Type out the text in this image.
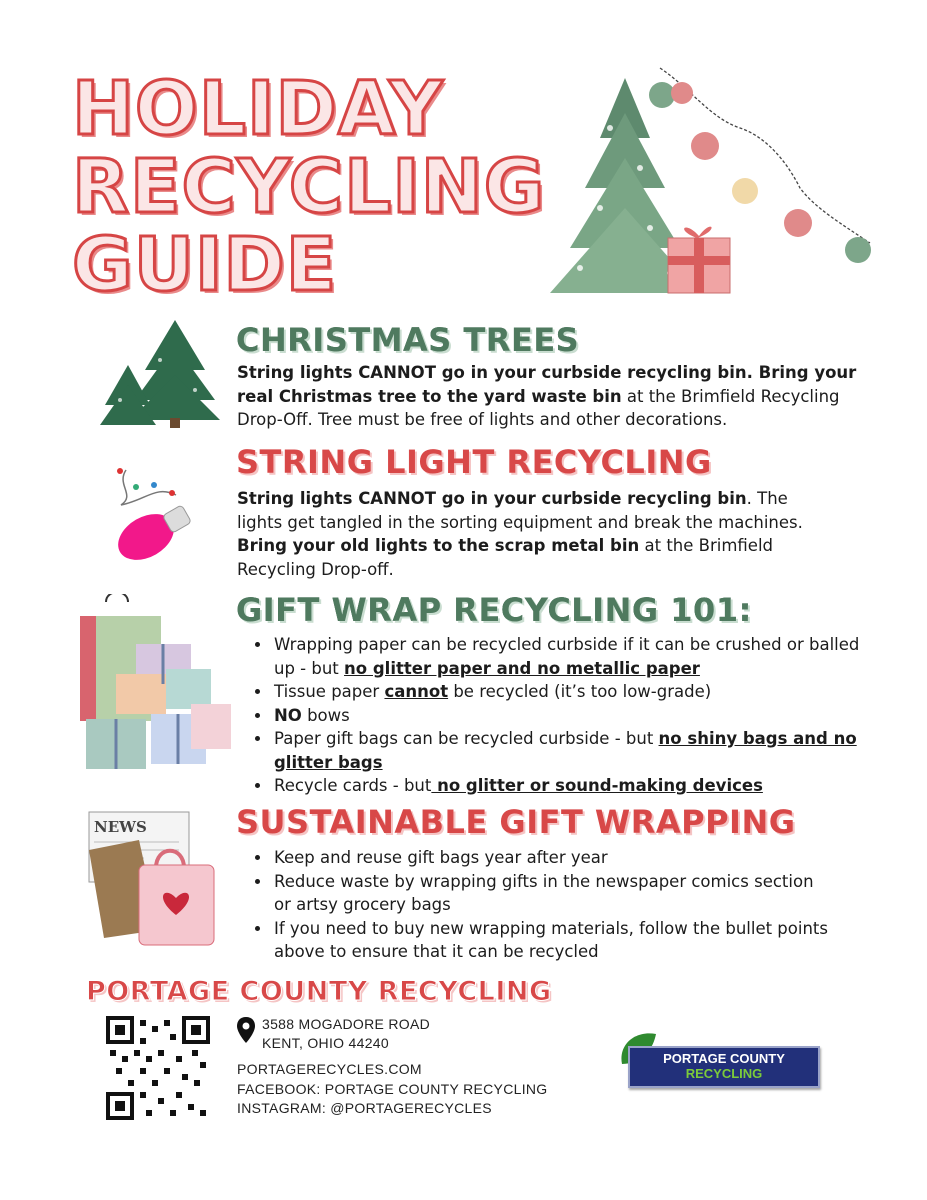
HOLIDAY
RECYCLING
GUIDE
CHRISTMAS TREES
String lights CANNOT go in your curbside recycling bin. Bring your real Christmas tree to the yard waste bin at the Brimfield Recycling Drop-Off. Tree must be free of lights and other decorations.
STRING LIGHT RECYCLING
String lights CANNOT go in your curbside recycling bin. The lights get tangled in the sorting equipment and break the machines. Bring your old lights to the scrap metal bin at the Brimfield Recycling Drop-off.
GIFT WRAP RECYCLING 101:
• Wrapping paper can be recycled curbside if it can be crushed or balled up - but no glitter paper and no metallic paper
• Tissue paper cannot be recycled (it’s too low-grade)
• NO bows
• Paper gift bags can be recycled curbside - but no shiny bags and no glitter bags
• Recycle cards - but no glitter or sound-making devices
NEWS	SUSTAINABLE GIFT WRAPPING
• Keep and reuse gift bags year after year
• Reduce waste by wrapping gifts in the newspaper comics section or artsy grocery bags
• If you need to buy new wrapping materials, follow the bullet points above to ensure that it can be recycled
PORTAGE COUNTY RECYCLING
3588 MOGADORE ROAD
KENT, OHIO 44240
PORTAGERECYCLES.COM
FACEBOOK: PORTAGE COUNTY RECYCLING
INSTAGRAM: @PORTAGERECYCLES
PORTAGE COUNTY
RECYCLING
